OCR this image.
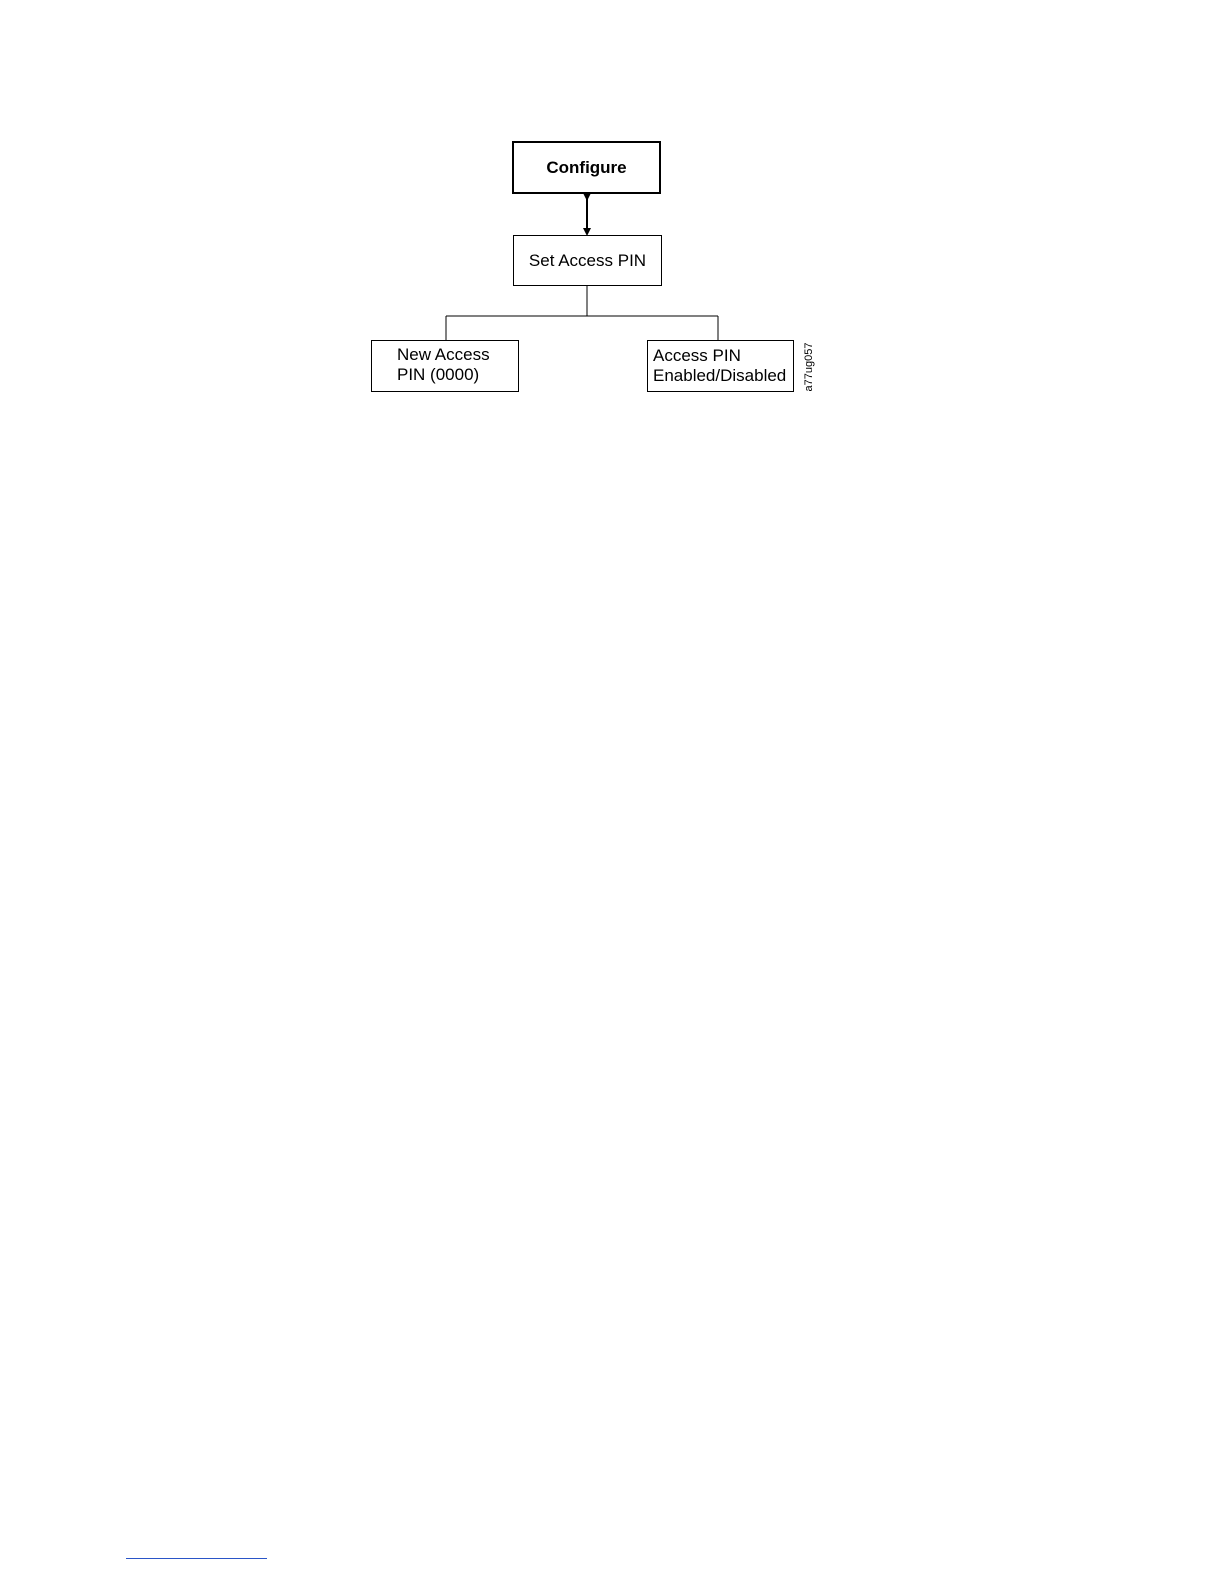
Configure
Set Access PIN
New Access
PIN (0000)
Access PIN
Enabled/Disabled	a77ug057
